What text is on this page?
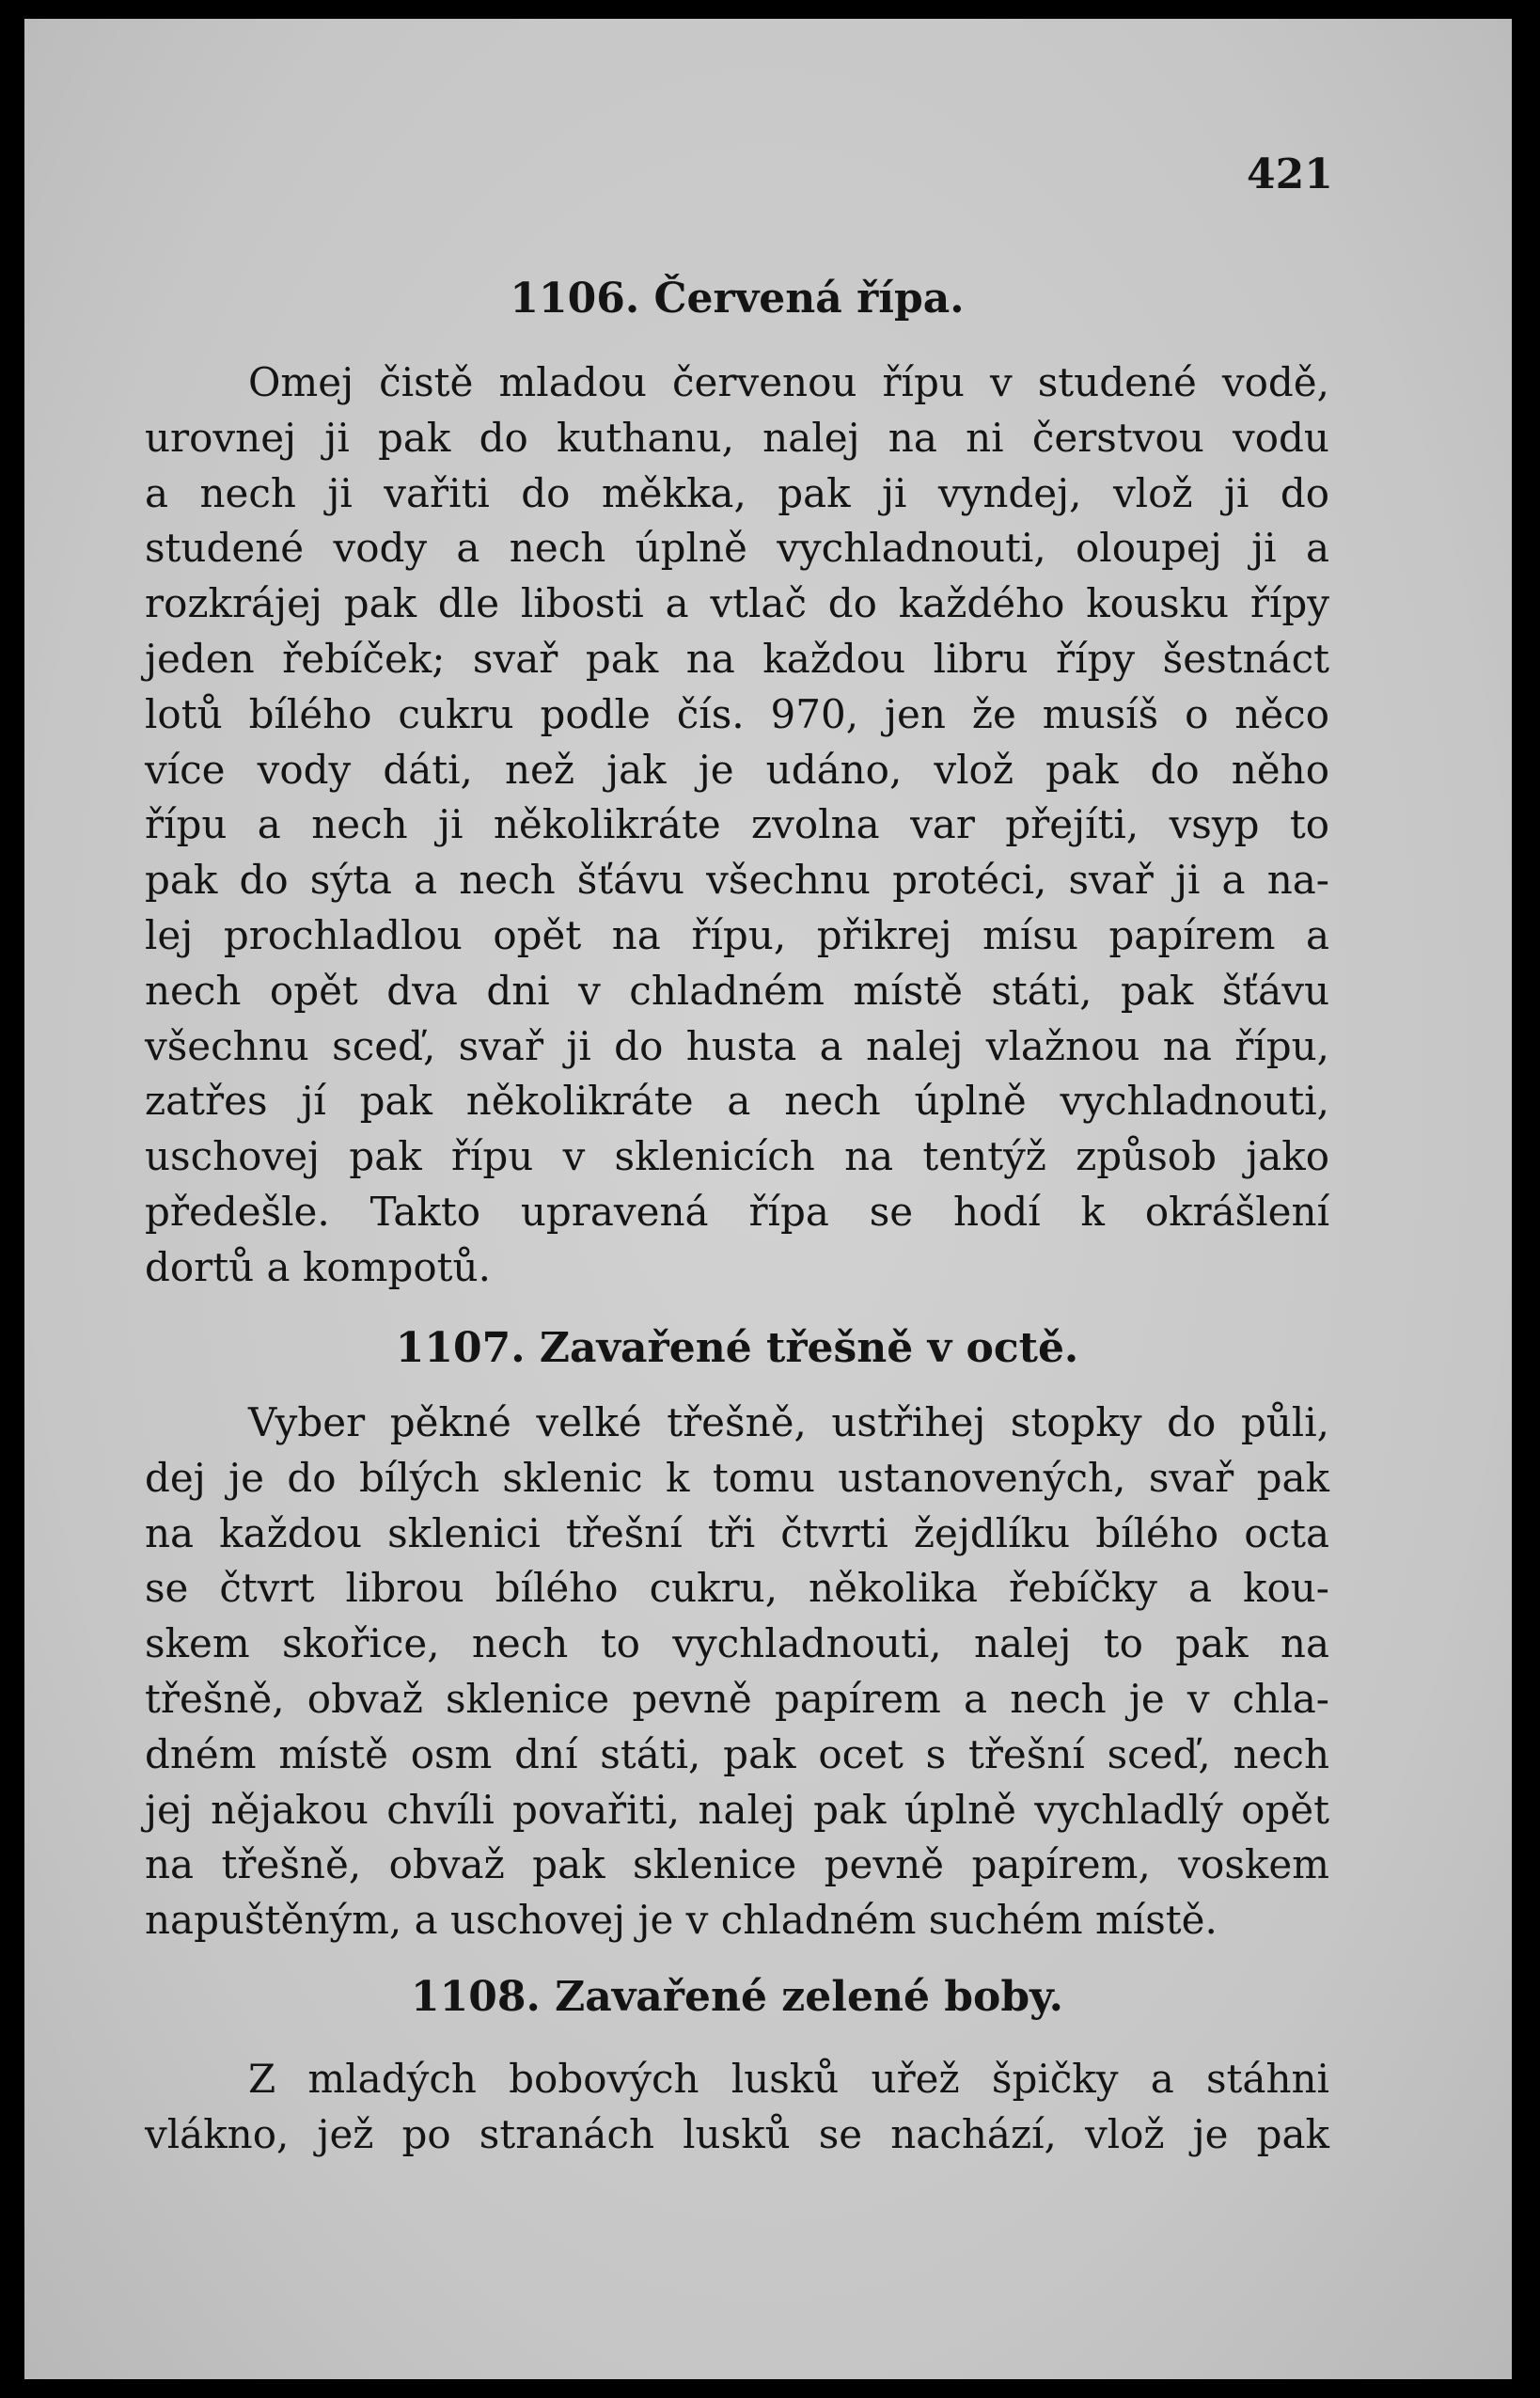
421
1106. Červená řípa.
Omej čistě mladou červenou řípu v studené vodě,
urovnej ji pak do kuthanu, nalej na ni čerstvou vodu
a nech ji vařiti do měkka, pak ji vyndej, vlož ji do
studené vody a nech úplně vychladnouti, oloupej ji a
rozkrájej pak dle libosti a vtlač do každého kousku řípy
jeden řebíček; svař pak na každou libru řípy šestnáct
lotů bílého cukru podle čís. 970, jen že musíš o něco
více vody dáti, než jak je udáno, vlož pak do něho
řípu a nech ji několikráte zvolna var přejíti, vsyp to
pak do sýta a nech šťávu všechnu protéci, svař ji a na-
lej prochladlou opět na řípu, přikrej mísu papírem a
nech opět dva dni v chladném místě státi, pak šťávu
všechnu sceď, svař ji do husta a nalej vlažnou na řípu,
zatřes jí pak několikráte a nech úplně vychladnouti,
uschovej pak řípu v sklenicích na tentýž způsob jako
předešle. Takto upravená řípa se hodí k okrášlení
dortů a kompotů.
1107. Zavařené třešně v octě.
Vyber pěkné velké třešně, ustřihej stopky do půli,
dej je do bílých sklenic k tomu ustanovených, svař pak
na každou sklenici třešní tři čtvrti žejdlíku bílého octa
se čtvrt librou bílého cukru, několika řebíčky a kou-
skem skořice, nech to vychladnouti, nalej to pak na
třešně, obvaž sklenice pevně papírem a nech je v chla-
dném místě osm dní státi, pak ocet s třešní sceď, nech
jej nějakou chvíli povařiti, nalej pak úplně vychladlý opět
na třešně, obvaž pak sklenice pevně papírem, voskem
napuštěným, a uschovej je v chladném suchém místě.
1108. Zavařené zelené boby.
Z mladých bobových lusků uřež špičky a stáhni
vlákno, jež po stranách lusků se nachází, vlož je pak
